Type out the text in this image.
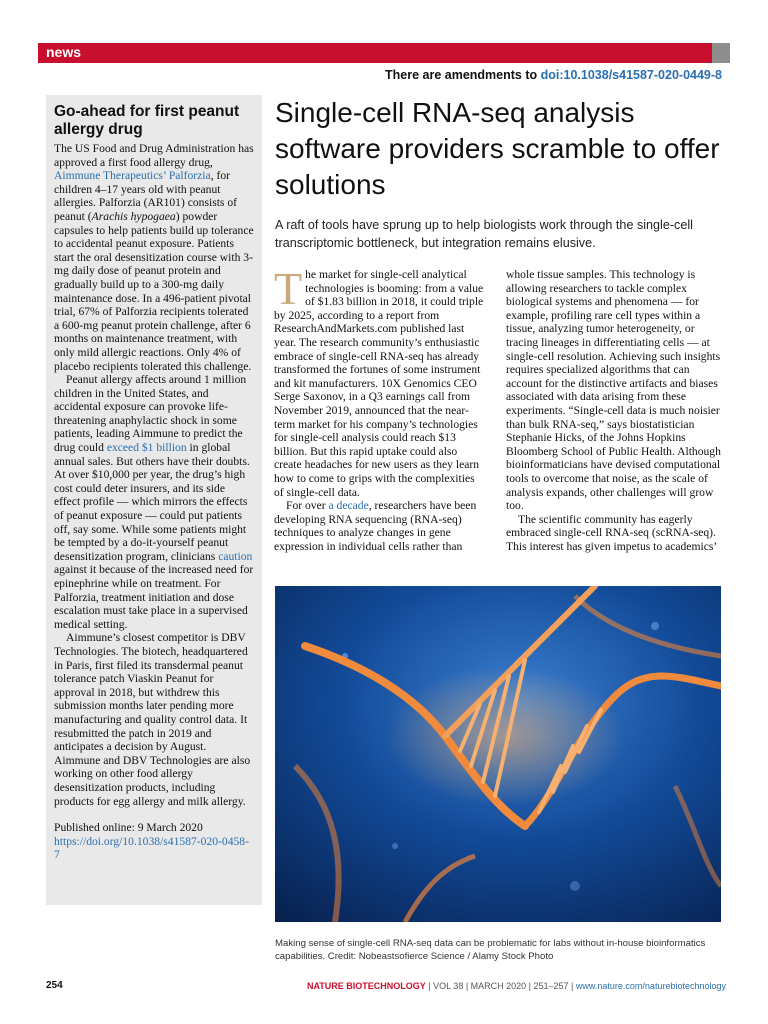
news
There are amendments to doi:10.1038/s41587-020-0449-8
Go-ahead for first peanut allergy drug

The US Food and Drug Administration has approved a first food allergy drug, Aimmune Therapeutics’ Palforzia, for children 4–17 years old with peanut allergies. Palforzia (AR101) consists of peanut (Arachis hypogaea) powder capsules to help patients build up tolerance to accidental peanut exposure. Patients start the oral desensitization course with 3-mg daily dose of peanut protein and gradually build up to a 300-mg daily maintenance dose. In a 496-patient pivotal trial, 67% of Palforzia recipients tolerated a 600-mg peanut protein challenge, after 6 months on maintenance treatment, with only mild allergic reactions. Only 4% of placebo recipients tolerated this challenge.

Peanut allergy affects around 1 million children in the United States, and accidental exposure can provoke life-threatening anaphylactic shock in some patients, leading Aimmune to predict the drug could exceed $1 billion in global annual sales. But others have their doubts. At over $10,000 per year, the drug’s high cost could deter insurers, and its side effect profile — which mirrors the effects of peanut exposure — could put patients off, say some. While some patients might be tempted by a do-it-yourself peanut desensitization program, clinicians caution against it because of the increased need for epinephrine while on treatment. For Palforzia, treatment initiation and dose escalation must take place in a supervised medical setting.

Aimmune’s closest competitor is DBV Technologies. The biotech, headquartered in Paris, first filed its transdermal peanut tolerance patch Viaskin Peanut for approval in 2018, but withdrew this submission months later pending more manufacturing and quality control data. It resubmitted the patch in 2019 and anticipates a decision by August. Aimmune and DBV Technologies are also working on other food allergy desensitization products, including products for egg allergy and milk allergy.

Published online: 9 March 2020
https://doi.org/10.1038/s41587-020-0458-7
Single-cell RNA-seq analysis software providers scramble to offer solutions

A raft of tools have sprung up to help biologists work through the single-cell transcriptomic bottleneck, but integration remains elusive.

The market for single-cell analytical technologies is booming: from a value of $1.83 billion in 2018, it could triple by 2025, according to a report from ResearchAndMarkets.com published last year. The research community’s enthusiastic embrace of single-cell RNA-seq has already transformed the fortunes of some instrument and kit manufacturers. 10X Genomics CEO Serge Saxonov, in a Q3 earnings call from November 2019, announced that the near-term market for his company’s technologies for single-cell analysis could reach $13 billion. But this rapid uptake could also create headaches for new users as they learn how to come to grips with the complexities of single-cell data.

For over a decade, researchers have been developing RNA sequencing (RNA-seq) techniques to analyze changes in gene expression in individual cells rather than

whole tissue samples. This technology is allowing researchers to tackle complex biological systems and phenomena — for example, profiling rare cell types within a tissue, analyzing tumor heterogeneity, or tracing lineages in differentiating cells — at single-cell resolution. Achieving such insights requires specialized algorithms that can account for the distinctive artifacts and biases associated with data arising from these experiments. “Single-cell data is much noisier than bulk RNA-seq,” says biostatistician Stephanie Hicks, of the Johns Hopkins Bloomberg School of Public Health. Although bioinformaticians have devised computational tools to overcome that noise, as the scale of analysis expands, other challenges will grow too.

The scientific community has eagerly embraced single-cell RNA-seq (scRNA-seq). This interest has given impetus to academics’

Making sense of single-cell RNA-seq data can be problematic for labs without in-house bioinformatics capabilities. Credit: Nobeastsofierce Science / Alamy Stock Photo

254	NATURE BIOTECHNOLOGY | VOL 38 | MARCH 2020 | 251–257 | www.nature.com/naturebiotechnology
